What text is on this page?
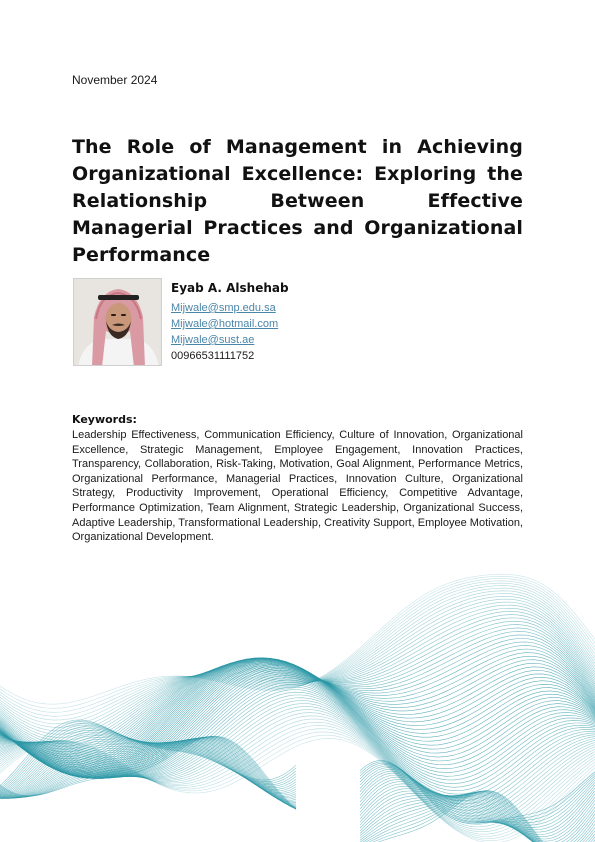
November 2024
The Role of Management in Achieving Organizational Excellence: Exploring the Relationship Between Effective Managerial Practices and Organizational Performance
Eyab A. Alshehab
Mijwale@smp.edu.sa
Mijwale@hotmail.com
Mijwale@sust.ae
00966531111752
Keywords:

Leadership Effectiveness, Communication Efficiency, Culture of Innovation, Organizational Excellence, Strategic Management, Employee Engagement, Innovation Practices, Transparency, Collaboration, Risk-Taking, Motivation, Goal Alignment, Performance Metrics, Organizational Performance, Managerial Practices, Innovation Culture, Organizational Strategy, Productivity Improvement, Operational Efficiency, Competitive Advantage, Performance Optimization, Team Alignment, Strategic Leadership, Organizational Success, Adaptive Leadership, Transformational Leadership, Creativity Support, Employee Motivation, Organizational Development.
